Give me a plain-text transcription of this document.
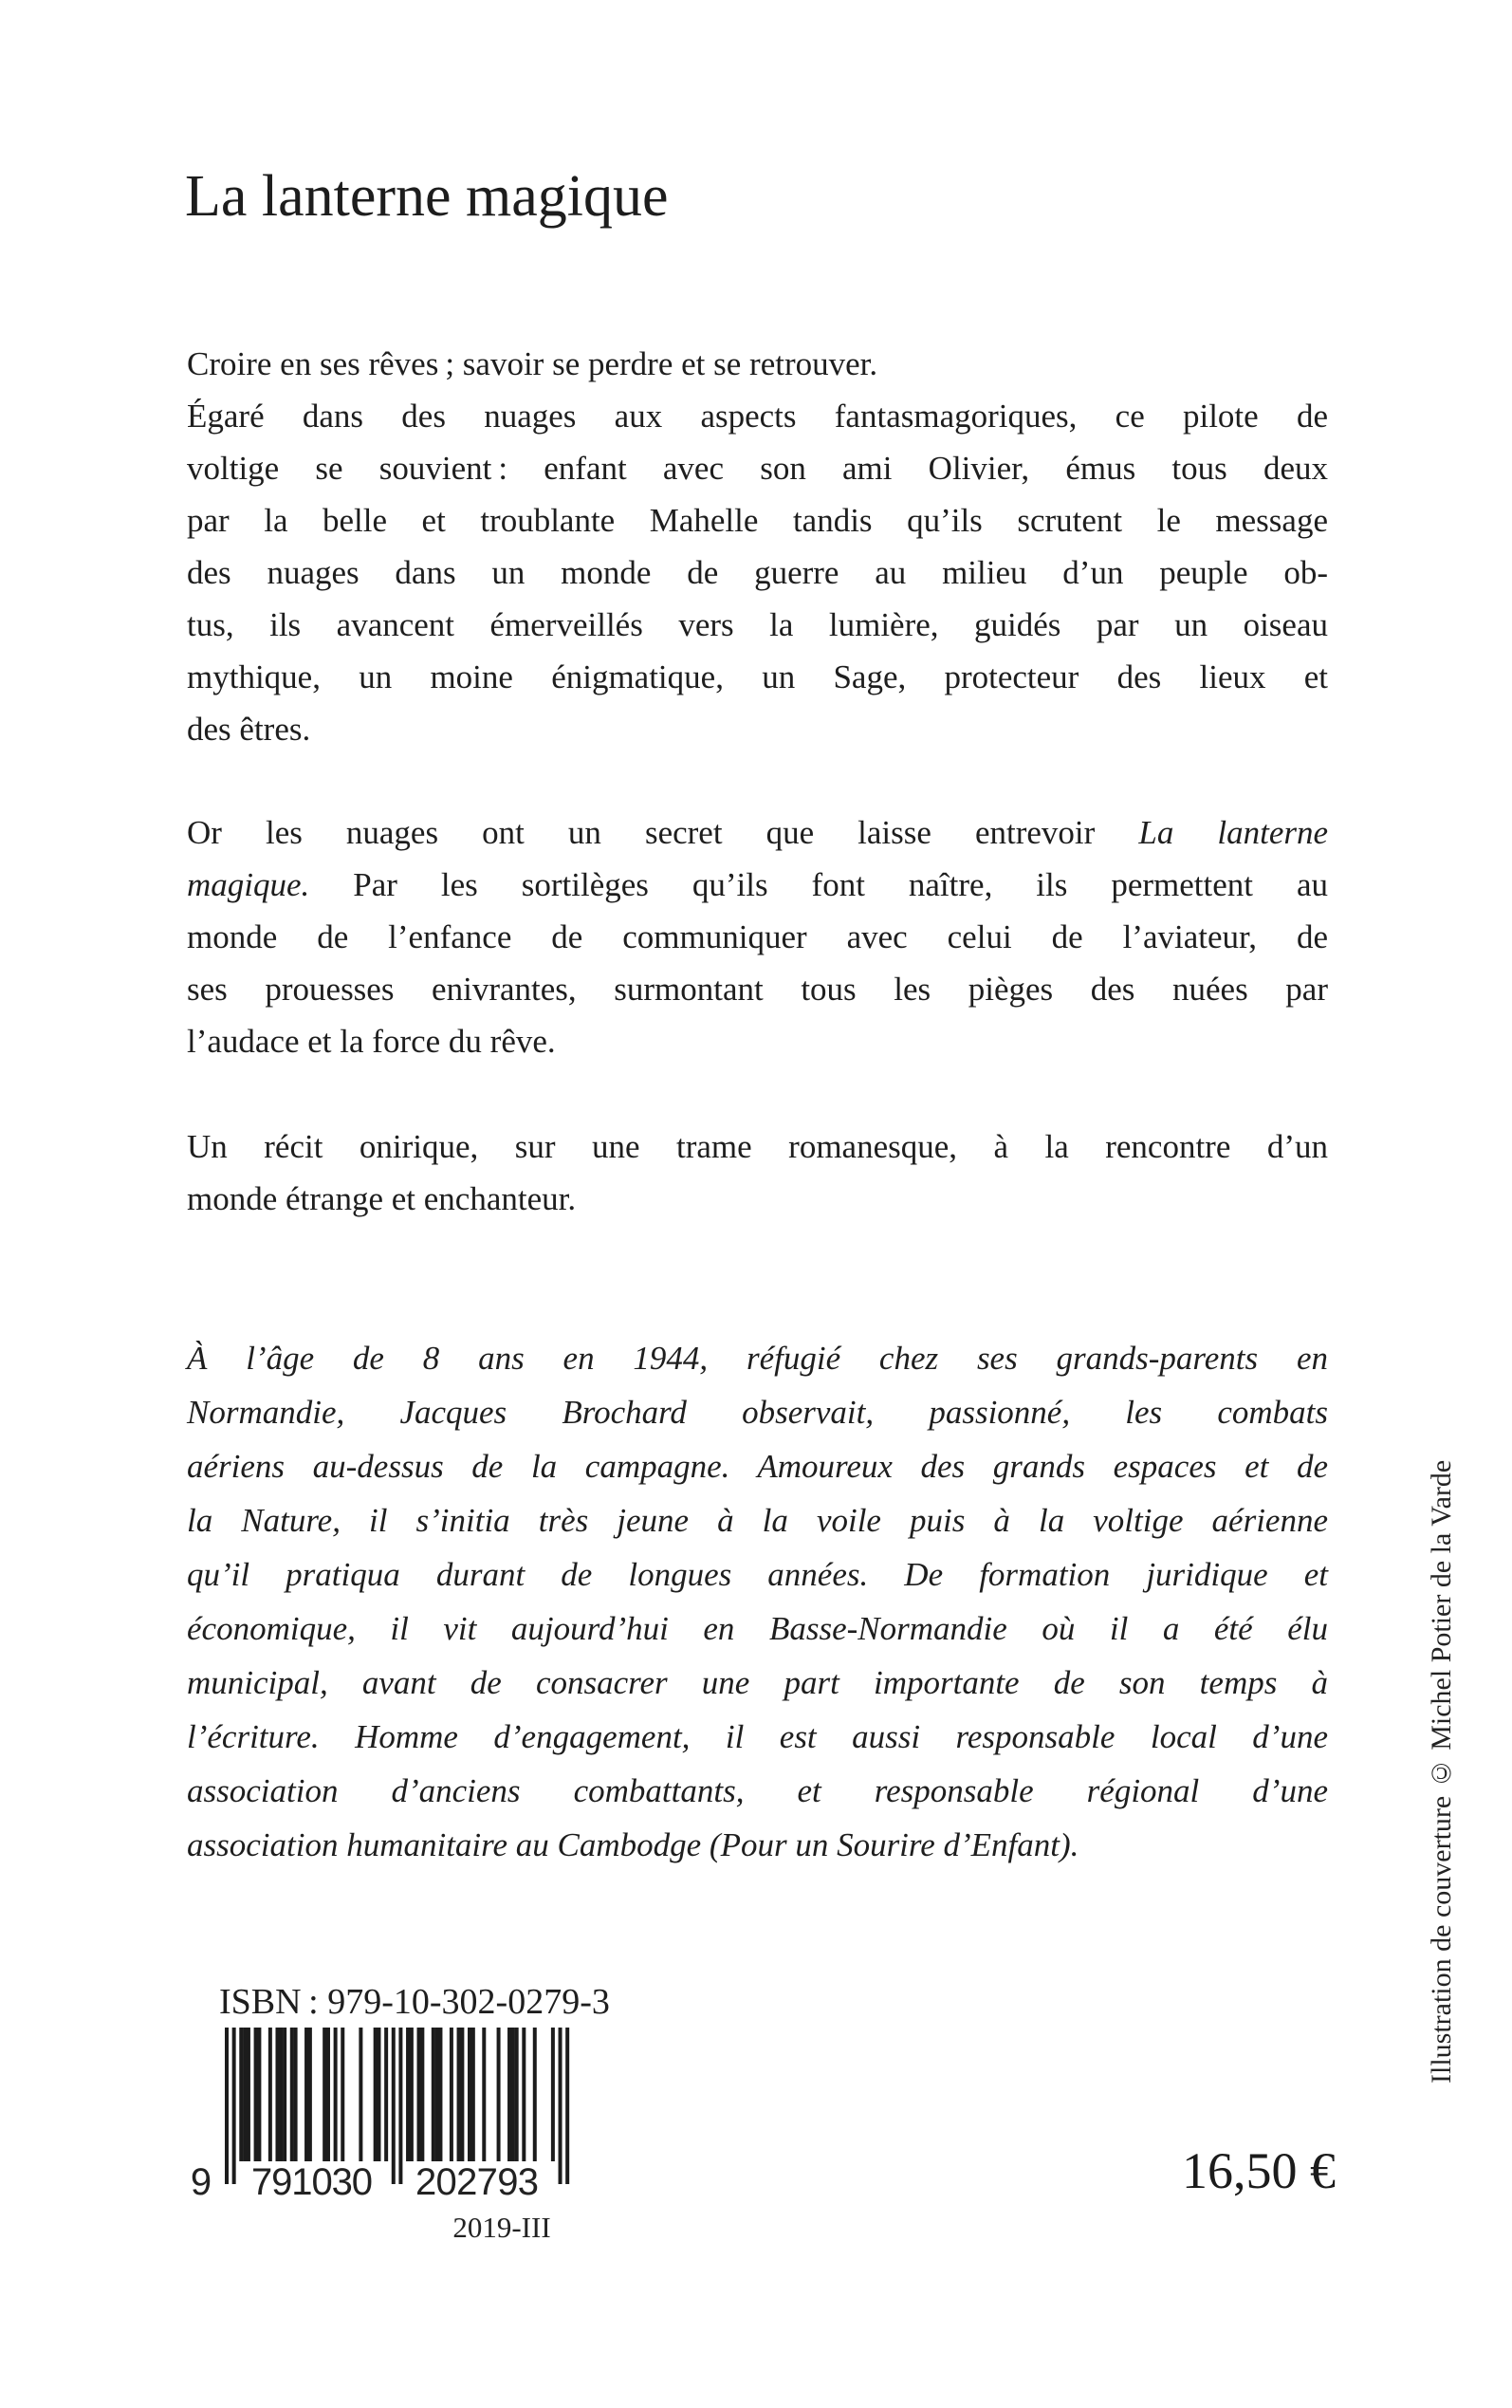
La lanterne magique
Croire en ses rêves ; savoir se perdre et se retrouver.
Égaré dans des nuages aux aspects fantasmagoriques, ce pilote de
voltige se souvient : enfant avec son ami Olivier, émus tous deux
par la belle et troublante Mahelle tandis qu’ils scrutent le message
des nuages dans un monde de guerre au milieu d’un peuple ob-
tus, ils avancent émerveillés vers la lumière, guidés par un oiseau
mythique, un moine énigmatique, un Sage, protecteur des lieux et
des êtres.
Or les nuages ont un secret que laisse entrevoir La lanterne
magique. Par les sortilèges qu’ils font naître, ils permettent au
monde de l’enfance de communiquer avec celui de l’aviateur, de
ses prouesses enivrantes, surmontant tous les pièges des nuées par
l’audace et la force du rêve.
Un récit onirique, sur une trame romanesque, à la rencontre d’un
monde étrange et enchanteur.
À l’âge de 8 ans en 1944, réfugié chez ses grands-parents en
Normandie, Jacques Brochard observait, passionné, les combats
aériens au-dessus de la campagne. Amoureux des grands espaces et de
la Nature, il s’initia très jeune à la voile puis à la voltige aérienne
qu’il pratiqua durant de longues années. De formation juridique et
économique, il vit aujourd’hui en Basse-Normandie où il a été élu
municipal, avant de consacrer une part importante de son temps à
l’écriture. Homme d’engagement, il est aussi responsable local d’une
association d’anciens combattants, et responsable régional d’une
association humanitaire au Cambodge (Pour un Sourire d’Enfant).
ISBN : 979-10-302-0279-3
9 791030 202793
2019-III
16,50 €
Illustration de couverture © Michel Potier de la Varde
